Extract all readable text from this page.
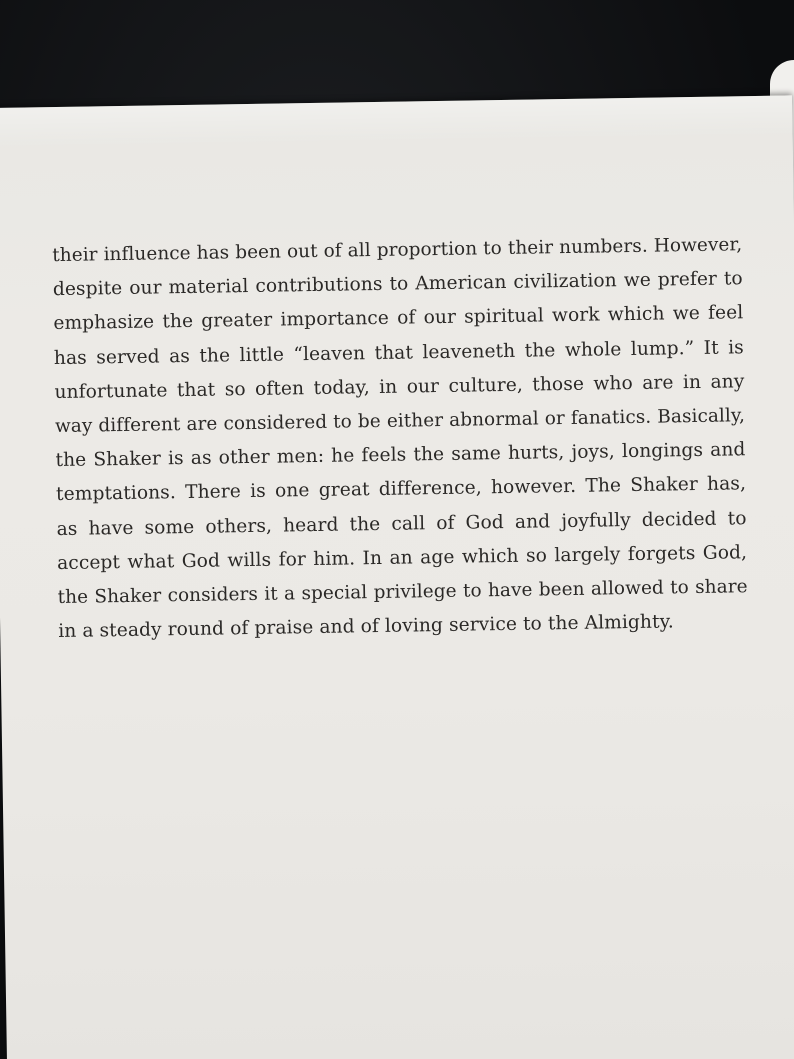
their influence has been out of all proportion to their numbers. However,
despite our material contributions to American civilization we prefer to
emphasize the greater importance of our spiritual work which we feel
has served as the little “leaven that leaveneth the whole lump.” It is
unfortunate that so often today, in our culture, those who are in any
way different are considered to be either abnormal or fanatics. Basically,
the Shaker is as other men: he feels the same hurts, joys, longings and
temptations. There is one great difference, however. The Shaker has,
as have some others, heard the call of God and joyfully decided to
accept what God wills for him. In an age which so largely forgets God,
the Shaker considers it a special privilege to have been allowed to share
in a steady round of praise and of loving service to the Almighty.
